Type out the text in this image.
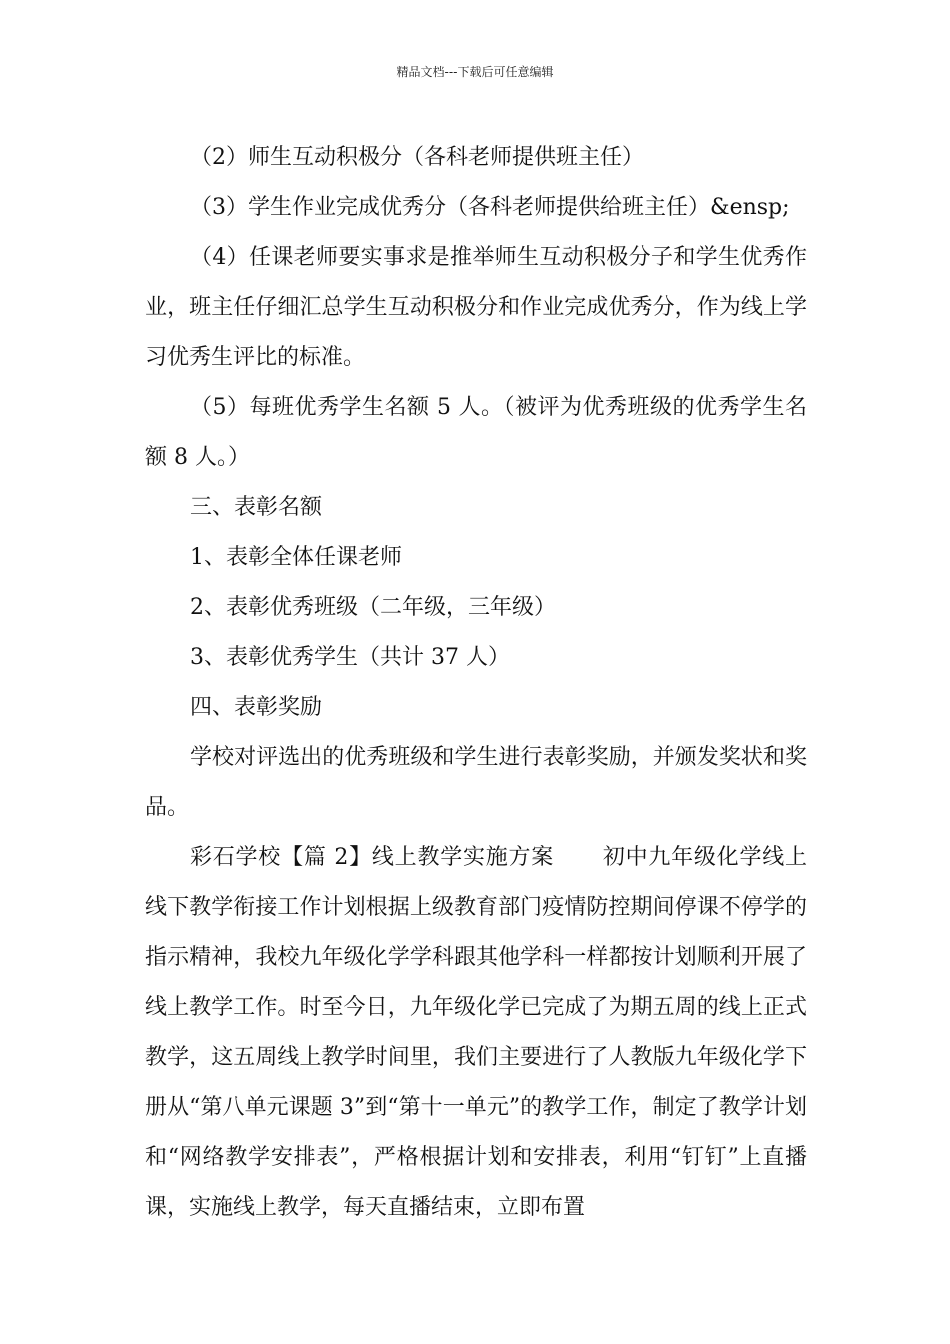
精品文档---下载后可任意编辑

（2）师生互动积极分（各科老师提供班主任）

（3）学生作业完成优秀分（各科老师提供给班主任）&ensp;

（4）任课老师要实事求是推举师生互动积极分子和学生优秀作业，班主任仔细汇总学生互动积极分和作业完成优秀分，作为线上学习优秀生评比的标准。

（5）每班优秀学生名额 5 人。（被评为优秀班级的优秀学生名额 8 人。）

三、表彰名额

1、表彰全体任课老师

2、表彰优秀班级（二年级，三年级）

3、表彰优秀学生（共计 37 人）

四、表彰奖励

学校对评选出的优秀班级和学生进行表彰奖励，并颁发奖状和奖品。

彩石学校【篇 2】线上教学实施方案 初中九年级化学线上线下教学衔接工作计划根据上级教育部门疫情防控期间停课不停学的指示精神，我校九年级化学学科跟其他学科一样都按计划顺利开展了线上教学工作。时至今日，九年级化学已完成了为期五周的线上正式教学，这五周线上教学时间里，我们主要进行了人教版九年级化学下册从“第八单元课题 3”到“第十一单元”的教学工作，制定了教学计划和“网络教学安排表”，严格根据计划和安排表，利用“钉钉”上直播课，实施线上教学，每天直播结束，立即布置
